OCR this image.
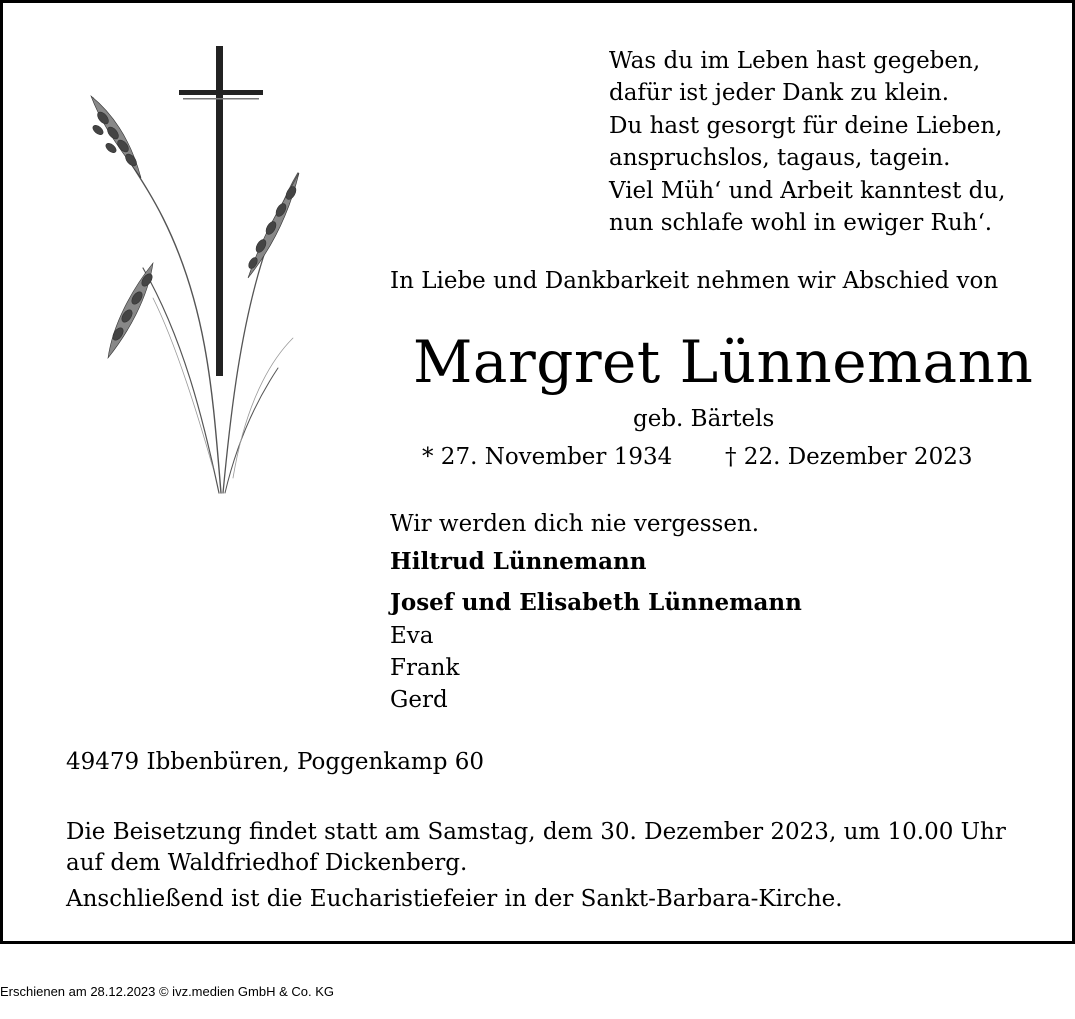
Was du im Leben hast gegeben,
dafür ist jeder Dank zu klein.
Du hast gesorgt für deine Lieben,
anspruchslos, tagaus, tagein.
Viel Müh‘ und Arbeit kanntest du,
nun schlafe wohl in ewiger Ruh‘.
In Liebe und Dankbarkeit nehmen wir Abschied von
Margret Lünnemann
geb. Bärtels
* 27. November 1934 † 22. Dezember 2023
Wir werden dich nie vergessen.
Hiltrud Lünnemann
Josef und Elisabeth Lünnemann
Eva
Frank
Gerd
49479 Ibbenbüren, Poggenkamp 60
Die Beisetzung findet statt am Samstag, dem 30. Dezember 2023, um 10.00 Uhr
auf dem Waldfriedhof Dickenberg.
Anschließend ist die Eucharistiefeier in der Sankt-Barbara-Kirche.
Erschienen am 28.12.2023 © ivz.medien GmbH & Co. KG
